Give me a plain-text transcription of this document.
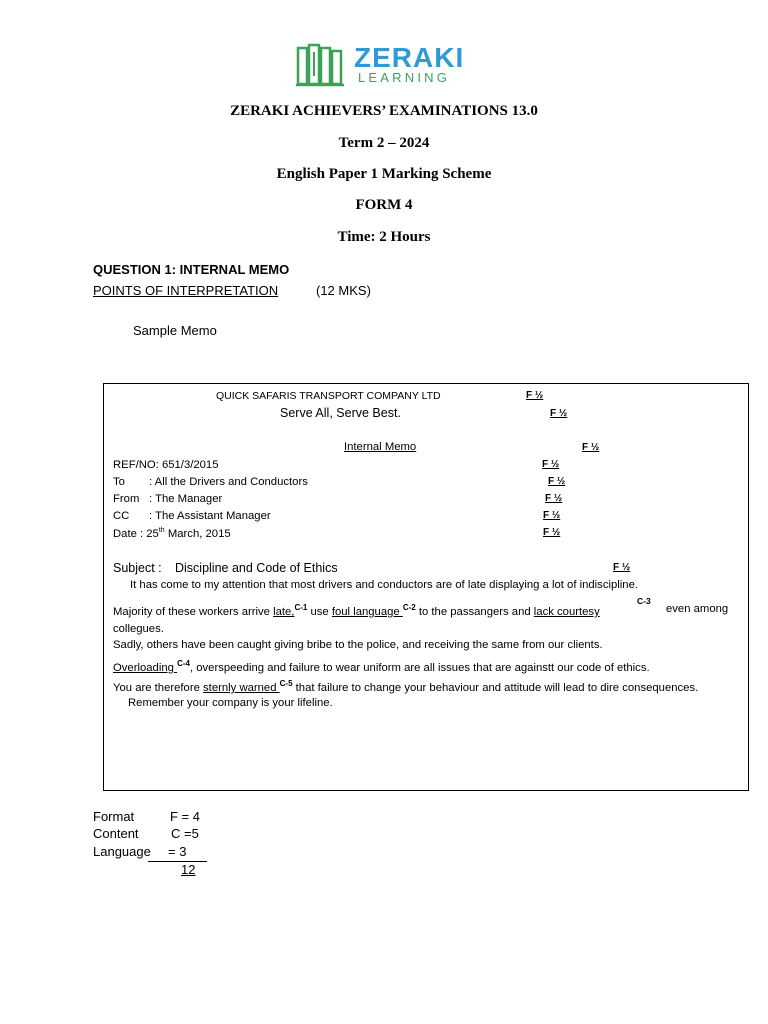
ZERAKI
LEARNING
ZERAKI ACHIEVERS’ EXAMINATIONS 13.0
Term 2 – 2024
English Paper 1 Marking Scheme
FORM 4
Time: 2 Hours
QUESTION 1: INTERNAL MEMO
POINTS OF INTERPRETATION	(12 MKS)
Sample Memo
QUICK SAFARIS TRANSPORT COMPANY LTD	F ½
Serve All, Serve Best.	F ½
Internal Memo	F ½
REF/NO: 651/3/2015	F ½
To : All the Drivers and Conductors	F ½
From : The Manager	F ½
CC : The Assistant Manager	F ½
Date : 25th March, 2015	F ½
Subject : Discipline and Code of Ethics	F ½
It has come to my attention that most drivers and conductors are of late displaying a lot of indiscipline.
Majority of these workers arrive late,$^{C-1}$ use foul language $^{C-2}$ to the passangers and lack courtesy
C-3
even among
collegues.
Sadly, others have been caught giving bribe to the police, and receiving the same from our clients.
Overloading $^{C-4}$, overspeeding and failure to wear uniform are all issues that are againstt our code of ethics.
You are therefore sternly warned $^{C-5}$ that failure to change your behaviour and attitude will lead to dire consequences.
Remember your company is your lifeline.
Format	F = 4
Content C =5
Language = 3
12
